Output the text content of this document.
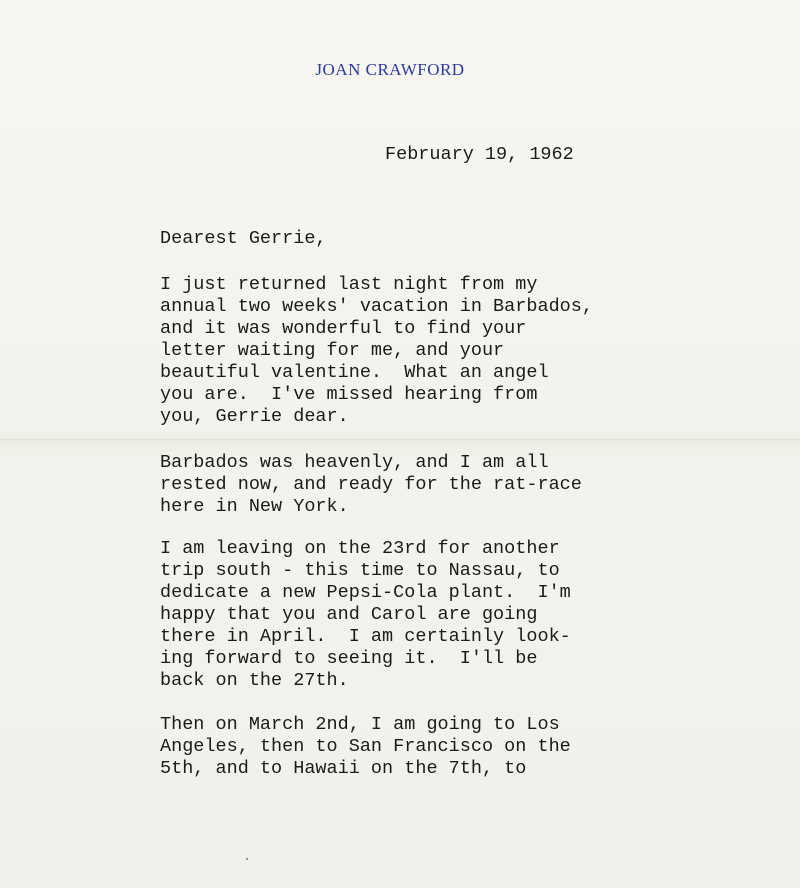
JOAN CRAWFORD
February 19, 1962
Dearest Gerrie,
I just returned last night from my
annual two weeks' vacation in Barbados,
and it was wonderful to find your
letter waiting for me, and your
beautiful valentine.  What an angel
you are.  I've missed hearing from
you, Gerrie dear.
Barbados was heavenly, and I am all
rested now, and ready for the rat-race
here in New York.
I am leaving on the 23rd for another
trip south - this time to Nassau, to
dedicate a new Pepsi-Cola plant.  I'm
happy that you and Carol are going
there in April.  I am certainly look-
ing forward to seeing it.  I'll be
back on the 27th.
Then on March 2nd, I am going to Los
Angeles, then to San Francisco on the
5th, and to Hawaii on the 7th, to
